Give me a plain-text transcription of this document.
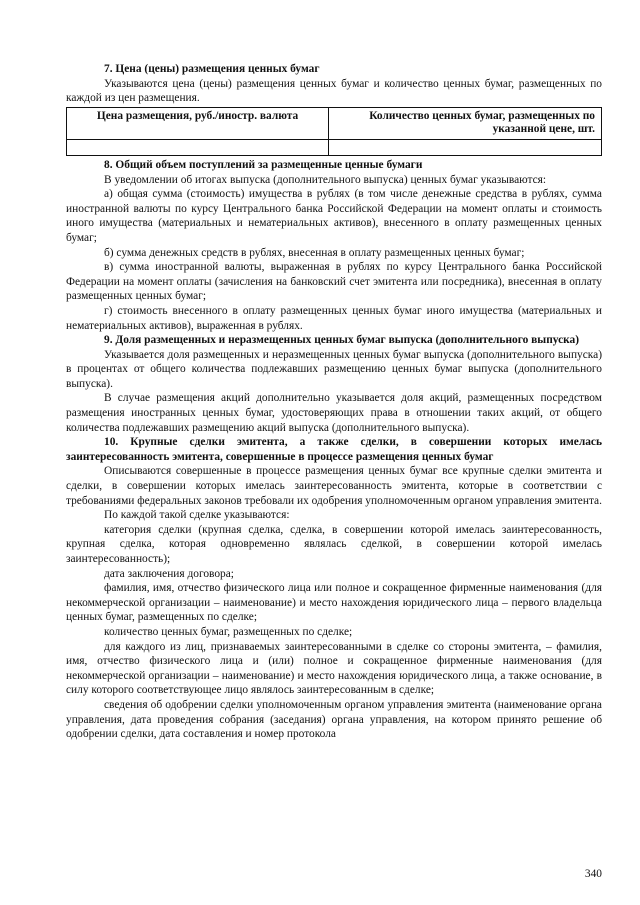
7. Цена (цены) размещения ценных бумаг

Указываются цена (цены) размещения ценных бумаг и количество ценных бумаг, размещенных по каждой из цен размещения.

Цена размещения, руб./иностр. валюта	Количество ценных бумаг, размещенных по указанной цене, шт.

8. Общий объем поступлений за размещенные ценные бумаги

В уведомлении об итогах выпуска (дополнительного выпуска) ценных бумаг указываются:

а) общая сумма (стоимость) имущества в рублях (в том числе денежные средства в рублях, сумма иностранной валюты по курсу Центрального банка Российской Федерации на момент оплаты и стоимость иного имущества (материальных и нематериальных активов), внесенного в оплату размещенных ценных бумаг;

б) сумма денежных средств в рублях, внесенная в оплату размещенных ценных бумаг;

в) сумма иностранной валюты, выраженная в рублях по курсу Центрального банка Российской Федерации на момент оплаты (зачисления на банковский счет эмитента или посредника), внесенная в оплату размещенных ценных бумаг;

г) стоимость внесенного в оплату размещенных ценных бумаг иного имущества (материальных и нематериальных активов), выраженная в рублях.

9. Доля размещенных и неразмещенных ценных бумаг выпуска (дополнительного выпуска)

Указывается доля размещенных и неразмещенных ценных бумаг выпуска (дополнительного выпуска) в процентах от общего количества подлежавших размещению ценных бумаг выпуска (дополнительного выпуска).

В случае размещения акций дополнительно указывается доля акций, размещенных посредством размещения иностранных ценных бумаг, удостоверяющих права в отношении таких акций, от общего количества подлежавших размещению акций выпуска (дополнительного выпуска).

10. Крупные сделки эмитента, а также сделки, в совершении которых имелась заинтересованность эмитента, совершенные в процессе размещения ценных бумаг

Описываются совершенные в процессе размещения ценных бумаг все крупные сделки эмитента и сделки, в совершении которых имелась заинтересованность эмитента, которые в соответствии с требованиями федеральных законов требовали их одобрения уполномоченным органом управления эмитента.

По каждой такой сделке указываются:

категория сделки (крупная сделка, сделка, в совершении которой имелась заинтересованность, крупная сделка, которая одновременно являлась сделкой, в совершении которой имелась заинтересованность);

дата заключения договора;

фамилия, имя, отчество физического лица или полное и сокращенное фирменные наименования (для некоммерческой организации – наименование) и место нахождения юридического лица – первого владельца ценных бумаг, размещенных по сделке;

количество ценных бумаг, размещенных по сделке;

для каждого из лиц, признаваемых заинтересованными в сделке со стороны эмитента, – фамилия, имя, отчество физического лица и (или) полное и сокращенное фирменные наименования (для некоммерческой организации – наименование) и место нахождения юридического лица, а также основание, в силу которого соответствующее лицо являлось заинтересованным в сделке;

сведения об одобрении сделки уполномоченным органом управления эмитента (наименование органа управления, дата проведения собрания (заседания) органа управления, на котором принято решение об одобрении сделки, дата составления и номер протокола

340
